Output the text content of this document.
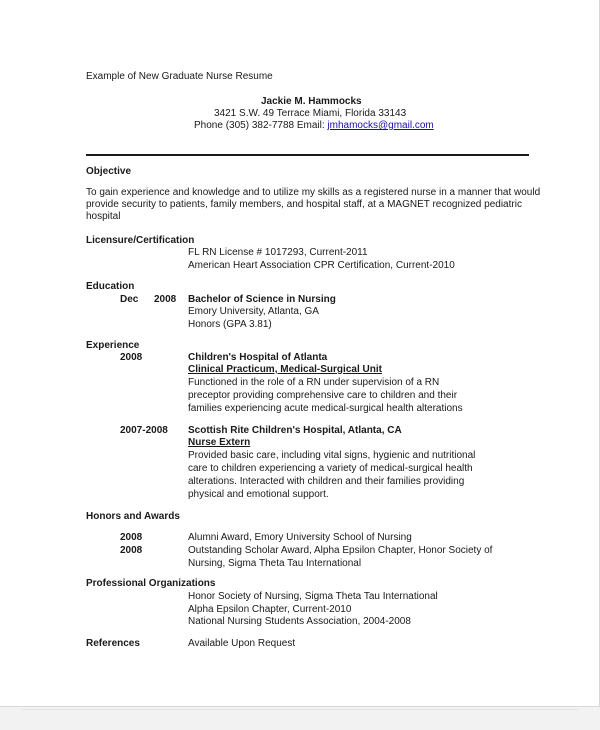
Example of New Graduate Nurse Resume
Jackie M. Hammocks
3421 S.W. 49 Terrace Miami, Florida 33143
Phone (305) 382-7788 Email: jmhamocks@gmail.com
Objective
To gain experience and knowledge and to utilize my skills as a registered nurse in a manner that would
provide security to patients, family members, and hospital staff, at a MAGNET recognized pediatric
hospital
Licensure/Certification
FL RN License # 1017293, Current-2011
American Heart Association CPR Certification, Current-2010
Education
Dec 2008 Bachelor of Science in Nursing
Emory University, Atlanta, GA
Honors (GPA 3.81)
Experience
2008	Children's Hospital of Atlanta
Clinical Practicum, Medical-Surgical Unit
Functioned in the role of a RN under supervision of a RN
preceptor providing comprehensive care to children and their
families experiencing acute medical-surgical health alterations
2007-2008 Scottish Rite Children's Hospital, Atlanta, CA
Nurse Extern
Provided basic care, including vital signs, hygienic and nutritional
care to children experiencing a variety of medical-surgical health
alterations. Interacted with children and their families providing
physical and emotional support.
Honors and Awards
2008	Alumni Award, Emory University School of Nursing
2008	Outstanding Scholar Award, Alpha Epsilon Chapter, Honor Society of
Nursing, Sigma Theta Tau International
Professional Organizations
Honor Society of Nursing, Sigma Theta Tau International
Alpha Epsilon Chapter, Current-2010
National Nursing Students Association, 2004-2008
References	Available Upon Request
